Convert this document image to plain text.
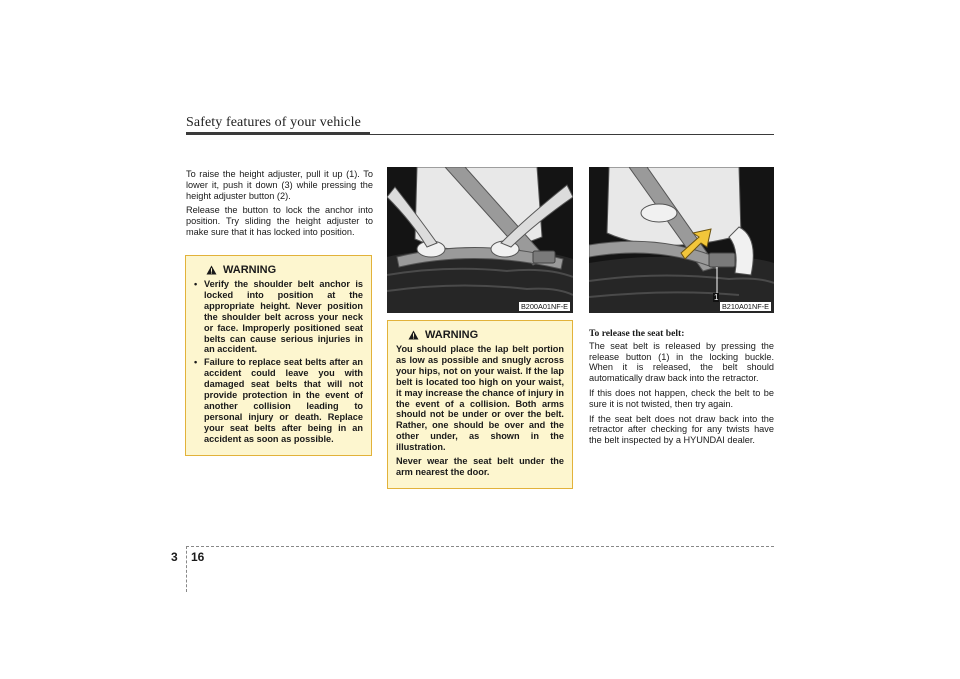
Safety features of your vehicle

To raise the height adjuster, pull it up (1). To lower it, push it down (3) while pressing the height adjuster button (2).

Release the button to lock the anchor into position. Try sliding the height adjuster to make sure that it has locked into position.

WARNING
• Verify the shoulder belt anchor is locked into position at the appropriate height. Never position the shoulder belt across your neck or face. Improperly positioned seat belts can cause serious injuries in an accident.
• Failure to replace seat belts after an accident could leave you with damaged seat belts that will not provide protection in the event of another collision leading to personal injury or death. Replace your seat belts after being in an accident as soon as possible.
B200A01NF-E
WARNING

You should place the lap belt portion as low as possible and snugly across your hips, not on your waist. If the lap belt is located too high on your waist, it may increase the chance of injury in the event of a collision. Both arms should not be under or over the belt. Rather, one should be over and the other under, as shown in the illustration.

Never wear the seat belt under the arm nearest the door.

1
B210A01NF-E
To release the seat belt:

The seat belt is released by pressing the release button (1) in the locking buckle. When it is released, the belt should automatically draw back into the retractor.

If this does not happen, check the belt to be sure it is not twisted, then try again.

If the seat belt does not draw back into the retractor after checking for any twists have the belt inspected by a HYUNDAI dealer.

3 16
